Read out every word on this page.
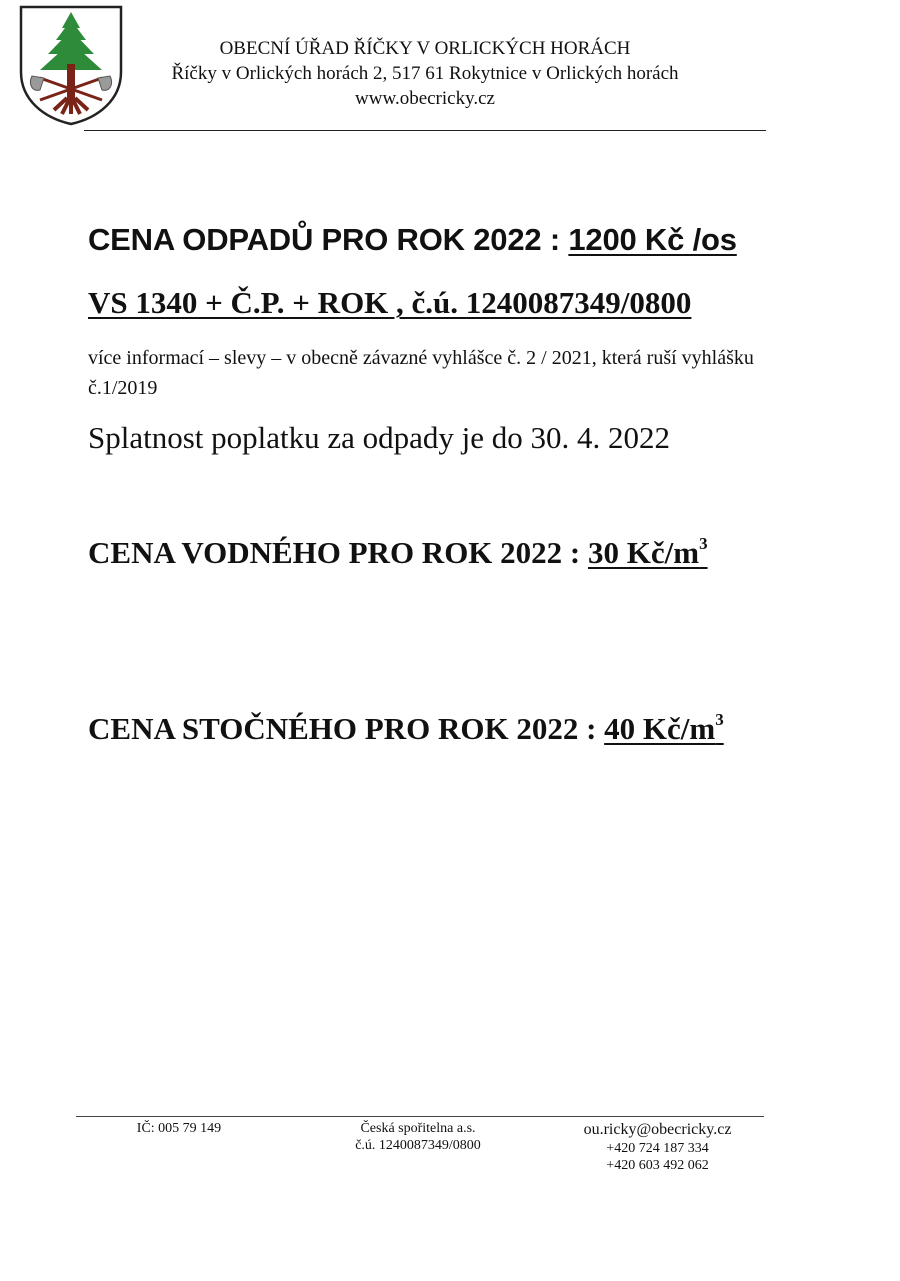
OBECNÍ ÚŘAD ŘÍČKY V ORLICKÝCH HORÁCH
Říčky v Orlických horách 2, 517 61 Rokytnice v Orlických horách
www.obecricky.cz

CENA ODPADŮ PRO ROK 2022 : 1200 Kč /os

VS 1340 + Č.P. + ROK , č.ú. 1240087349/0800

více informací – slevy – v obecně závazné vyhlášce č. 2 / 2021, která ruší vyhlášku č.1/2019

Splatnost poplatku za odpady je do 30. 4. 2022

CENA VODNÉHO PRO ROK 2022 : 30 $Kč/m^3$

CENA STOČNÉHO PRO ROK 2022 : 40 $Kč/m^3$

IČ: 005 79 149	Česká spořitelna a.s.
č.ú. 1240087349/0800
ou.ricky@obecricky.cz
+420 724 187 334
+420 603 492 062
